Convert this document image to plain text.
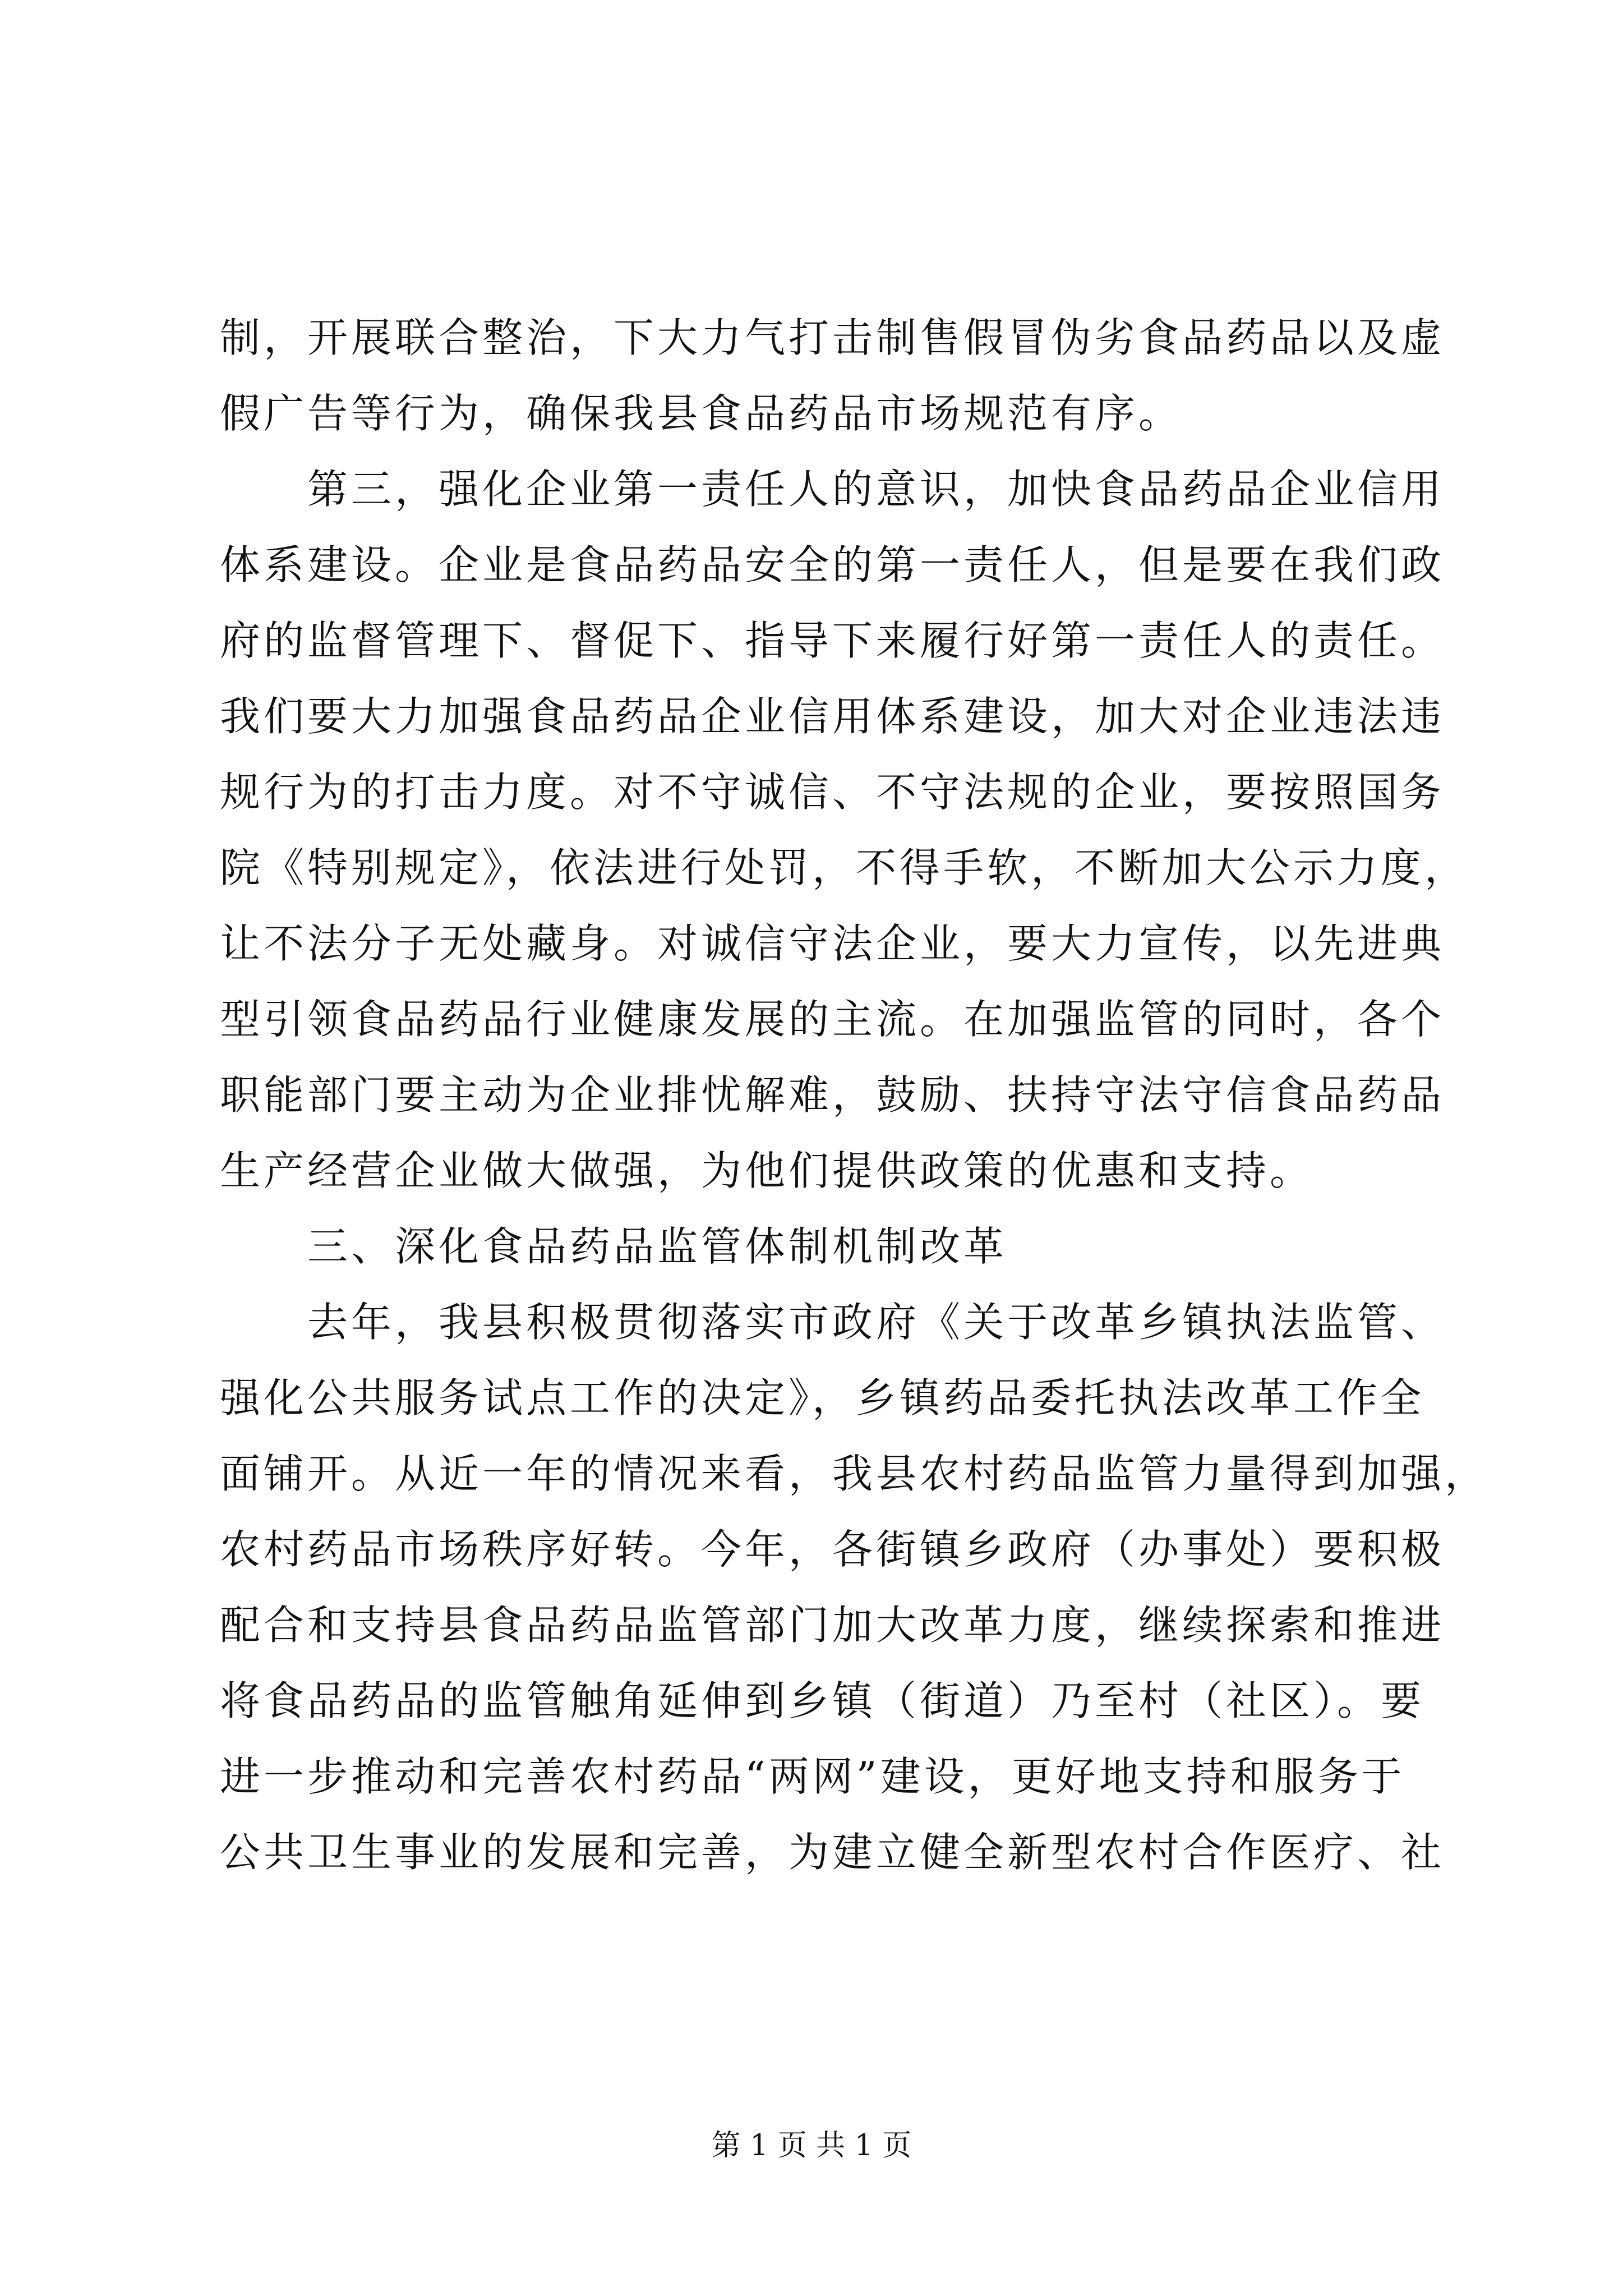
制，开展联合整治，下大力气打击制售假冒伪劣食品药品以及虚
假广告等行为，确保我县食品药品市场规范有序。
　　第三，强化企业第一责任人的意识，加快食品药品企业信用
体系建设。企业是食品药品安全的第一责任人，但是要在我们政
府的监督管理下、督促下、指导下来履行好第一责任人的责任。
我们要大力加强食品药品企业信用体系建设，加大对企业违法违
规行为的打击力度。对不守诚信、不守法规的企业，要按照国务
院《特别规定》，依法进行处罚，不得手软，不断加大公示力度，
让不法分子无处藏身。对诚信守法企业，要大力宣传，以先进典
型引领食品药品行业健康发展的主流。在加强监管的同时，各个
职能部门要主动为企业排忧解难，鼓励、扶持守法守信食品药品
生产经营企业做大做强，为他们提供政策的优惠和支持。
　　三、深化食品药品监管体制机制改革
　　去年，我县积极贯彻落实市政府《关于改革乡镇执法监管、
强化公共服务试点工作的决定》，乡镇药品委托执法改革工作全
面铺开。从近一年的情况来看，我县农村药品监管力量得到加强，
农村药品市场秩序好转。今年，各街镇乡政府（办事处）要积极
配合和支持县食品药品监管部门加大改革力度，继续探索和推进
将食品药品的监管触角延伸到乡镇（街道）乃至村（社区）。要
进一步推动和完善农村药品“两网”建设，更好地支持和服务于
公共卫生事业的发展和完善，为建立健全新型农村合作医疗、社
第 1 页 共 1 页
